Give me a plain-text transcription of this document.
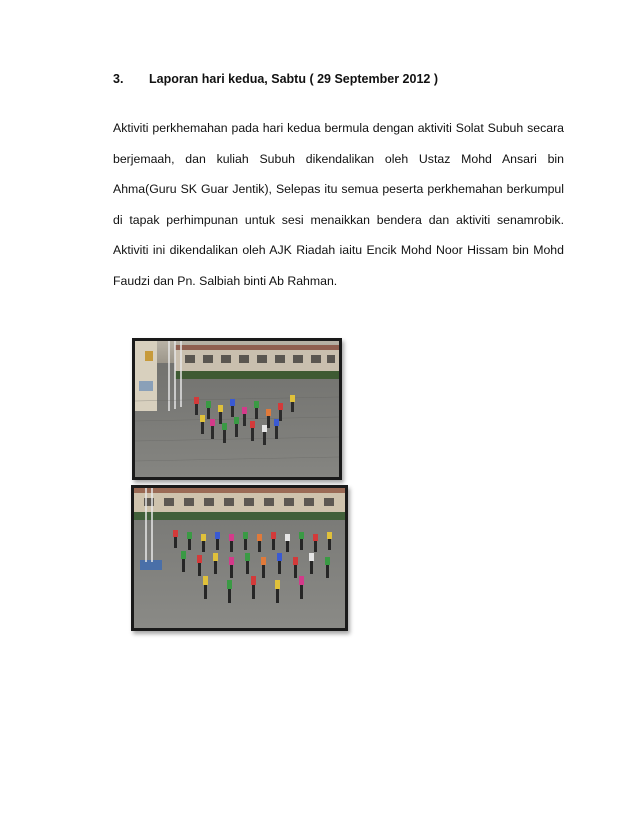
3. Laporan hari kedua, Sabtu ( 29 September 2012 )

Aktiviti perkhemahan pada hari kedua bermula dengan aktiviti Solat Subuh secara berjemaah, dan kuliah Subuh dikendalikan oleh Ustaz Mohd Ansari bin Ahma(Guru SK Guar Jentik), Selepas itu semua peserta perkhemahan berkumpul di tapak perhimpunan untuk sesi menaikkan bendera dan aktiviti senamrobik. Aktiviti ini dikendalikan oleh AJK Riadah iaitu Encik Mohd Noor Hissam bin Mohd Faudzi dan Pn. Salbiah binti Ab Rahman.
